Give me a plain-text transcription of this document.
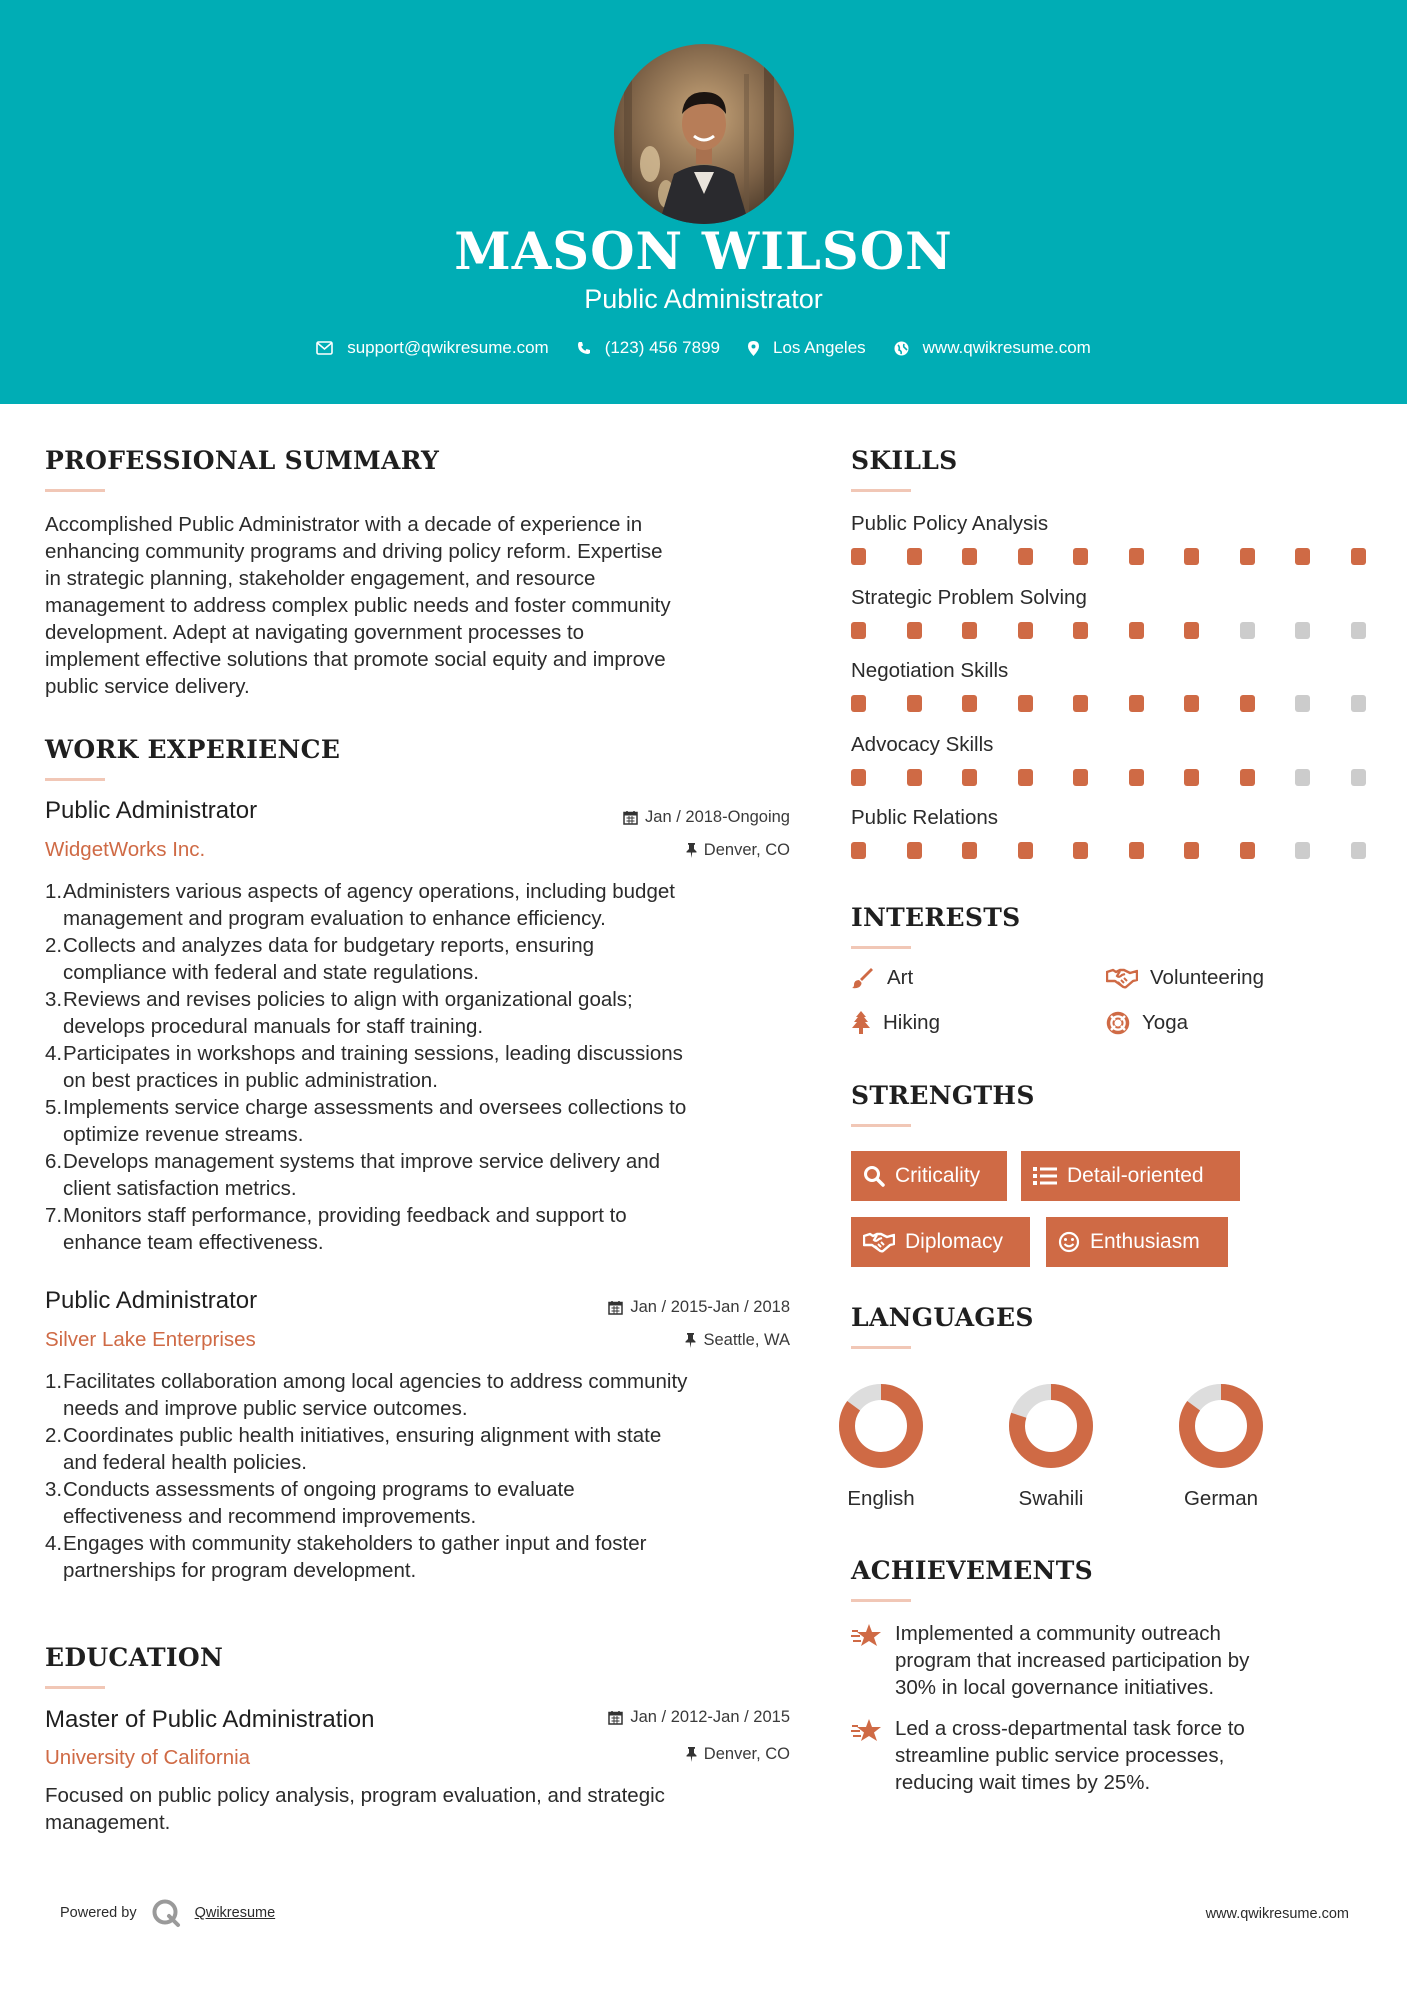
MASON WILSON
Public Administrator
support@qwikresume.com	(123) 456 7899	Los Angeles	www.qwikresume.com
PROFESSIONAL SUMMARY
Accomplished Public Administrator with a decade of experience in
enhancing community programs and driving policy reform. Expertise
in strategic planning, stakeholder engagement, and resource
management to address complex public needs and foster community
development. Adept at navigating government processes to
implement effective solutions that promote social equity and improve
public service delivery.
WORK EXPERIENCE
Public Administrator
WidgetWorks Inc.
Jan / 2018-Ongoing
Denver, CO
1. Administers various aspects of agency operations, including budget
management and program evaluation to enhance efficiency.
2. Collects and analyzes data for budgetary reports, ensuring
compliance with federal and state regulations.
3. Reviews and revises policies to align with organizational goals;
develops procedural manuals for staff training.
4. Participates in workshops and training sessions, leading discussions
on best practices in public administration.
5. Implements service charge assessments and oversees collections to
optimize revenue streams.
6. Develops management systems that improve service delivery and
client satisfaction metrics.
7. Monitors staff performance, providing feedback and support to
enhance team effectiveness.
Public Administrator
Silver Lake Enterprises
Jan / 2015-Jan / 2018
Seattle, WA
1. Facilitates collaboration among local agencies to address community
needs and improve public service outcomes.
2. Coordinates public health initiatives, ensuring alignment with state
and federal health policies.
3. Conducts assessments of ongoing programs to evaluate
effectiveness and recommend improvements.
4. Engages with community stakeholders to gather input and foster
partnerships for program development.
EDUCATION
Master of Public Administration
University of California
Jan / 2012-Jan / 2015
Denver, CO
Focused on public policy analysis, program evaluation, and strategic
management.
SKILLS
Public Policy Analysis
Strategic Problem Solving
Negotiation Skills
Advocacy Skills
Public Relations
INTERESTS
Art	Volunteering
Hiking	Yoga
STRENGTHS
Criticality	Detail-oriented
Diplomacy	Enthusiasm
LANGUAGES
English	Swahili	German
ACHIEVEMENTS
Implemented a community outreach
program that increased participation by
30% in local governance initiatives.
Led a cross-departmental task force to
streamline public service processes,
reducing wait times by 25%.
Powered by	Qwikresume	www.qwikresume.com
